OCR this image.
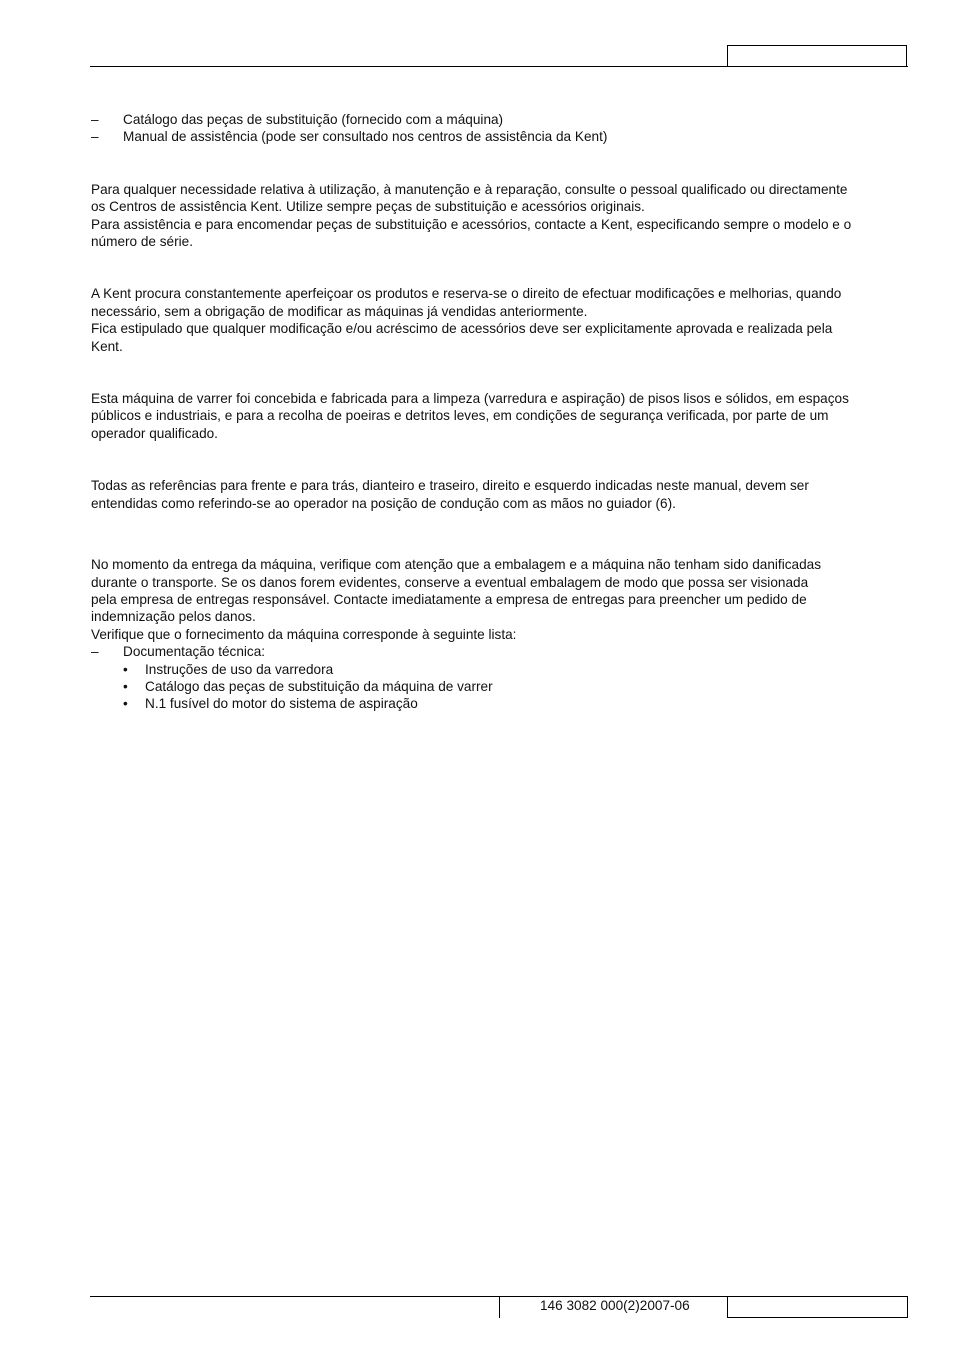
– Catálogo das peças de substituição (fornecido com a máquina)
– Manual de assistência (pode ser consultado nos centros de assistência da Kent)

Para qualquer necessidade relativa à utilização, à manutenção e à reparação, consulte o pessoal qualificado ou directamente

os Centros de assistência Kent. Utilize sempre peças de substituição e acessórios originais.

Para assistência e para encomendar peças de substituição e acessórios, contacte a Kent, especificando sempre o modelo e o

número de série.

A Kent procura constantemente aperfeiçoar os produtos e reserva-se o direito de efectuar modificações e melhorias, quando

necessário, sem a obrigação de modificar as máquinas já vendidas anteriormente.

Fica estipulado que qualquer modificação e/ou acréscimo de acessórios deve ser explicitamente aprovada e realizada pela

Kent.

Esta máquina de varrer foi concebida e fabricada para a limpeza (varredura e aspiração) de pisos lisos e sólidos, em espaços

públicos e industriais, e para a recolha de poeiras e detritos leves, em condições de segurança verificada, por parte de um

operador qualificado.

Todas as referências para frente e para trás, dianteiro e traseiro, direito e esquerdo indicadas neste manual, devem ser

entendidas como referindo-se ao operador na posição de condução com as mãos no guiador (6).

No momento da entrega da máquina, verifique com atenção que a embalagem e a máquina não tenham sido danificadas

durante o transporte. Se os danos forem evidentes, conserve a eventual embalagem de modo que possa ser visionada

pela empresa de entregas responsável. Contacte imediatamente a empresa de entregas para preencher um pedido de

indemnização pelos danos.

Verifique que o fornecimento da máquina corresponde à seguinte lista:

– Documentação técnica:
• Instruções de uso da varredora
• Catálogo das peças de substituição da máquina de varrer
• N.1 fusível do motor do sistema de aspiração
146 3082 000(2)2007-06
